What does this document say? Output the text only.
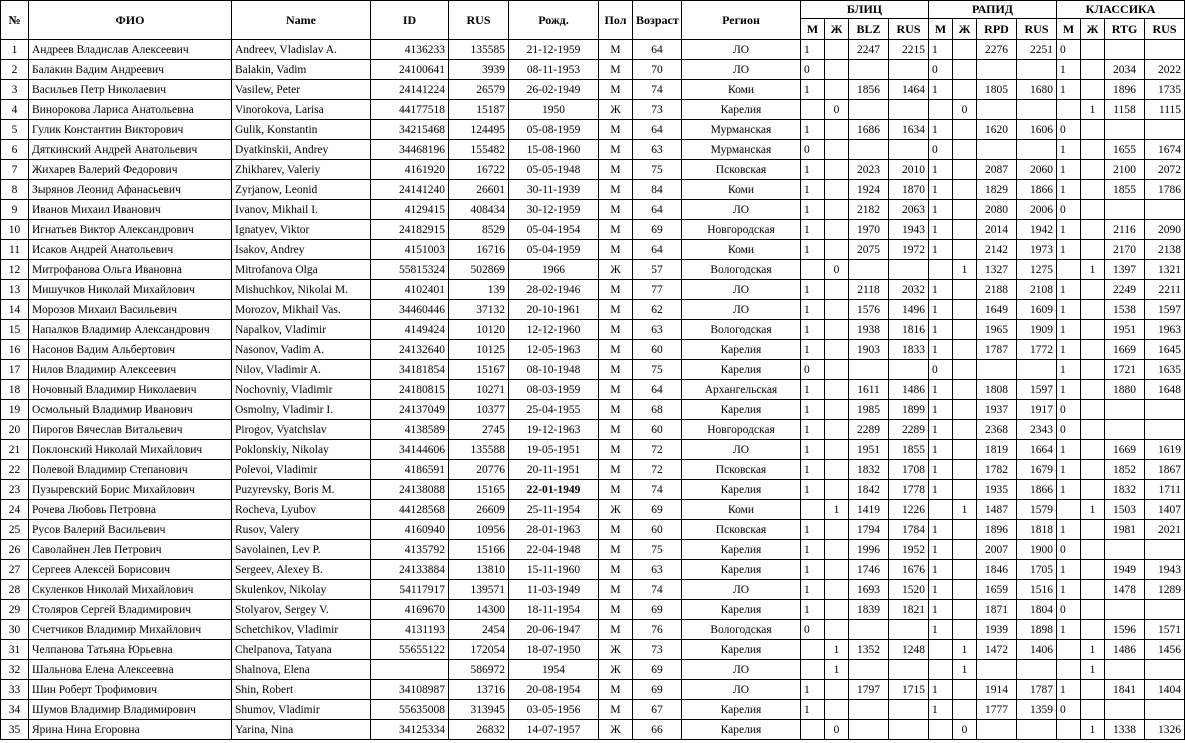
№	ФИО	Name	ID	RUS	Рожд.	Пол	Возраст	Регион	БЛИЦ				РАПИД				КЛАССИКА			
									М	Ж	BLZ	RUS	М	Ж	RPD	RUS	М	Ж	RTG	RUS
1	Андреев Владислав Алексеевич	Andreev, Vladislav A.	4136233	135585	21-12-1959	М	64	ЛО	1		2247	2215	1		2276	2251	0			
2	Балакин Вадим Андреевич	Balakin, Vadim	24100641	3939	08-11-1953	М	70	ЛО	0				0				1		2034	2022
3	Васильев Петр Николаевич	Vasilew, Peter	24141224	26579	26-02-1949	М	74	Коми	1		1856	1464	1		1805	1680	1		1896	1735
4	Винорокова Лариса Анатольевна	Vinorokova, Larisa	44177518	15187	1950	Ж	73	Карелия		0				0				1	1158	1115
5	Гулик Константин Викторович	Gulik, Konstantin	34215468	124495	05-08-1959	М	64	Мурманская	1		1686	1634	1		1620	1606	0			
6	Дяткинский Андрей Анатольевич	Dyatkinskii, Andrey	34468196	155482	15-08-1960	М	63	Мурманская	0				0				1		1655	1674
7	Жихарев Валерий Федорович	Zhikharev, Valeriy	4161920	16722	05-05-1948	М	75	Псковская	1		2023	2010	1		2087	2060	1		2100	2072
8	Зырянов Леонид Афанасьевич	Zyrjanow, Leonid	24141240	26601	30-11-1939	М	84	Коми	1		1924	1870	1		1829	1866	1		1855	1786
9	Иванов Михаил Иванович	Ivanov, Mikhail I.	4129415	408434	30-12-1959	М	64	ЛО	1		2182	2063	1		2080	2006	0			
10	Игнатьев Виктор Александрович	Ignatyev, Viktor	24182915	8529	05-04-1954	М	69	Новгородская	1		1970	1943	1		2014	1942	1		2116	2090
11	Исаков Андрей Анатольевич	Isakov, Andrey	4151003	16716	05-04-1959	М	64	Коми	1		2075	1972	1		2142	1973	1		2170	2138
12	Митрофанова Ольга Ивановна	Mitrofanova Olga	55815324	502869	1966	Ж	57	Вологодская		0				1	1327	1275		1	1397	1321
13	Мишучков Николай Михайлович	Mishuchkov, Nikolai M.	4102401	139	28-02-1946	М	77	ЛО	1		2118	2032	1		2188	2108	1		2249	2211
14	Морозов Михаил Васильевич	Morozov, Mikhail Vas.	34460446	37132	20-10-1961	М	62	ЛО	1		1576	1496	1		1649	1609	1		1538	1597
15	Напалков Владимир Александрович	Napalkov, Vladimir	4149424	10120	12-12-1960	М	63	Вологодская	1		1938	1816	1		1965	1909	1		1951	1963
16	Насонов Вадим Альбертович	Nasonov, Vadim A.	24132640	10125	12-05-1963	М	60	Карелия	1		1903	1833	1		1787	1772	1		1669	1645
17	Нилов Владимир Алексеевич	Nilov, Vladimir A.	34181854	15167	08-10-1948	М	75	Карелия	0				0				1		1721	1635
18	Ночовный Владимир Николаевич	Nochovniy, Vladimir	24180815	10271	08-03-1959	М	64	Архангельская	1		1611	1486	1		1808	1597	1		1880	1648
19	Осмольный Владимир Иванович	Osmolny, Vladimir I.	24137049	10377	25-04-1955	М	68	Карелия	1		1985	1899	1		1937	1917	0			
20	Пирогов Вячеслав Витальевич	Pirogov, Vyatchslav	4138589	2745	19-12-1963	М	60	Новгородская	1		2289	2289	1		2368	2343	0			
21	Поклонский Николай Михайлович	Poklonskiy, Nikolay	34144606	135588	19-05-1951	М	72	ЛО	1		1951	1855	1		1819	1664	1		1669	1619
22	Полевой Владимир Степанович	Polevoi, Vladimir	4186591	20776	20-11-1951	М	72	Псковская	1		1832	1708	1		1782	1679	1		1852	1867
23	Пузыревский Борис Михайлович	Puzyrevsky, Boris M.	24138088	15165	22-01-1949	М	74	Карелия	1		1842	1778	1		1935	1866	1		1832	1711
24	Рочева Любовь Петровна	Rocheva, Lyubov	44128568	26609	25-11-1954	Ж	69	Коми		1	1419	1226		1	1487	1579		1	1503	1407
25	Русов Валерий Васильевич	Rusov, Valery	4160940	10956	28-01-1963	М	60	Псковская	1		1794	1784	1		1896	1818	1		1981	2021
26	Саволайнен Лев Петрович	Savolainen, Lev P.	4135792	15166	22-04-1948	М	75	Карелия	1		1996	1952	1		2007	1900	0			
27	Сергеев Алексей Борисович	Sergeev, Alexey B.	24133884	13810	15-11-1960	М	63	Карелия	1		1746	1676	1		1846	1705	1		1949	1943
28	Скуленков Николай Михайлович	Skulenkov, Nikolay	54117917	139571	11-03-1949	М	74	ЛО	1		1693	1520	1		1659	1516	1		1478	1289
29	Столяров Сергей Владимирович	Stolyarov, Sergey V.	4169670	14300	18-11-1954	М	69	Карелия	1		1839	1821	1		1871	1804	0			
30	Счетчиков Владимир Михайлович	Schetchikov, Vladimir	4131193	2454	20-06-1947	М	76	Вологодская	0				1		1939	1898	1		1596	1571
31	Челпанова Татьяна Юрьевна	Chelpanova, Tatyana	55655122	172054	18-07-1950	Ж	73	Карелия		1	1352	1248		1	1472	1406		1	1486	1456
32	Шальнова Елена Алексеевна	Shalnova, Elena		586972	1954	Ж	69	ЛО		1				1				1		
33	Шин Роберт Трофимович	Shin, Robert	34108987	13716	20-08-1954	М	69	ЛО	1		1797	1715	1		1914	1787	1		1841	1404
34	Шумов Владимир Владимирович	Shumov, Vladimir	55635008	313945	03-05-1956	М	67	Карелия	1				1		1777	1359	0			
35	Ярина Нина Егоровна	Yarina, Nina	34125334	26832	14-07-1957	Ж	66	Карелия		0				0				1	1338	1326
